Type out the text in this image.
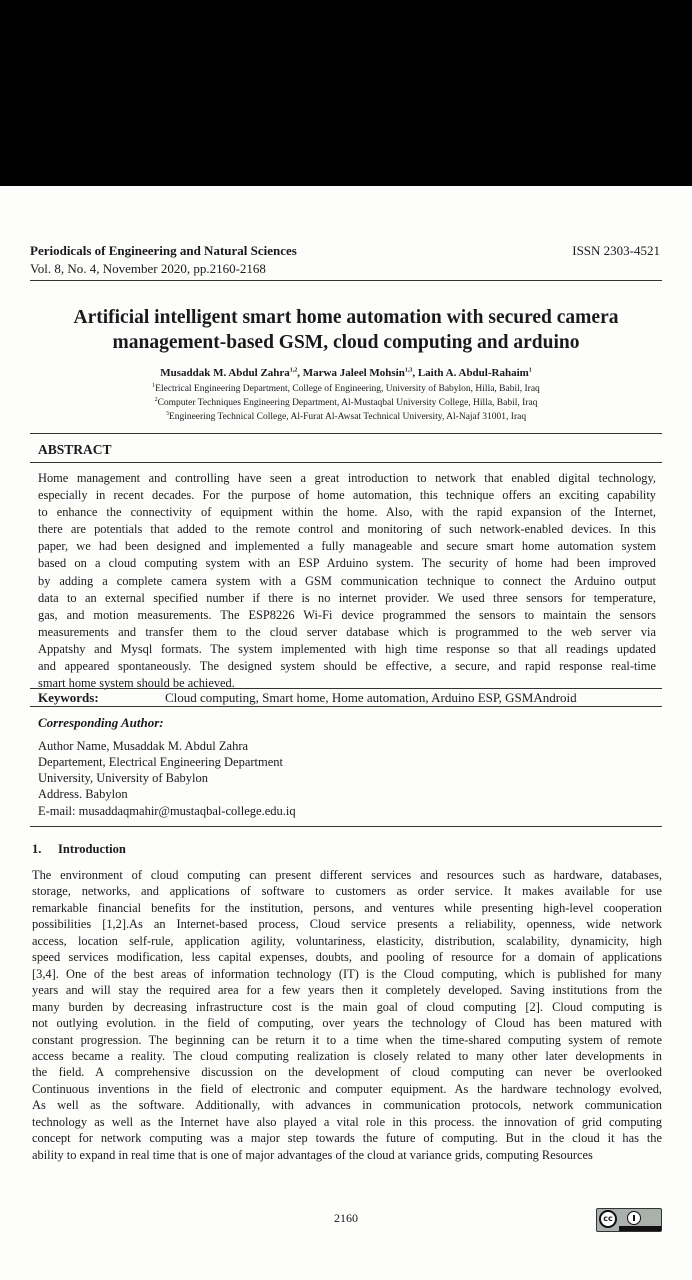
Periodicals of Engineering and Natural Sciences	ISSN 2303-4521
Vol. 8, No. 4, November 2020, pp.2160-2168
Artificial intelligent smart home automation with secured camera
management-based GSM, cloud computing and arduino
Musaddak M. Abdul Zahra$^{1,2}$, Marwa Jaleel Mohsin$^{1,3}$, Laith A. Abdul-Rahaim$^1$
$^1$Electrical Engineering Department, College of Engineering, University of Babylon, Hilla, Babil, Iraq
$^2$Computer Techniques Engineering Department, Al-Mustaqbal University College, Hilla, Babil, Iraq
$^3$Engineering Technical College, Al-Furat Al-Awsat Technical University, Al-Najaf 31001, Iraq
ABSTRACT
Home management and controlling have seen a great introduction to network that enabled digital technology,
especially in recent decades. For the purpose of home automation, this technique offers an exciting capability
to enhance the connectivity of equipment within the home. Also, with the rapid expansion of the Internet,
there are potentials that added to the remote control and monitoring of such network-enabled devices. In this
paper, we had been designed and implemented a fully manageable and secure smart home automation system
based on a cloud computing system with an ESP Arduino system. The security of home had been improved
by adding a complete camera system with a GSM communication technique to connect the Arduino output
data to an external specified number if there is no internet provider. We used three sensors for temperature,
gas, and motion measurements. The ESP8226 Wi-Fi device programmed the sensors to maintain the sensors
measurements and transfer them to the cloud server database which is programmed to the web server via
Appatshy and Mysql formats. The system implemented with high time response so that all readings updated
and appeared spontaneously. The designed system should be effective, a secure, and rapid response real-time
smart home system should be achieved.
Keywords:	Cloud computing, Smart home, Home automation, Arduino ESP, GSMAndroid
Corresponding Author:
Author Name, Musaddak M. Abdul Zahra
Departement, Electrical Engineering Department
University, University of Babylon
Address. Babylon
E-mail: musaddaqmahir@mustaqbal-college.edu.iq
1. Introduction
The environment of cloud computing can present different services and resources such as hardware, databases,
storage, networks, and applications of software to customers as order service. It makes available for use
remarkable financial benefits for the institution, persons, and ventures while presenting high-level cooperation
possibilities [1,2].As an Internet-based process, Cloud service presents a reliability, openness, wide network
access, location self-rule, application agility, voluntariness, elasticity, distribution, scalability, dynamicity, high
speed services modification, less capital expenses, doubts, and pooling of resource for a domain of applications
[3,4]. One of the best areas of information technology (IT) is the Cloud computing, which is published for many
years and will stay the required area for a few years then it completely developed. Saving institutions from the
many burden by decreasing infrastructure cost is the main goal of cloud computing [2]. Cloud computing is
not outlying evolution. in the field of computing, over years the technology of Cloud has been matured with
constant progression. The beginning can be return it to a time when the time-shared computing system of remote
access became a reality. The cloud computing realization is closely related to many other later developments in
the field. A comprehensive discussion on the development of cloud computing can never be overlooked
Continuous inventions in the field of electronic and computer equipment. As the hardware technology evolved,
As well as the software. Additionally, with advances in communication protocols, network communication
technology as well as the Internet have also played a vital role in this process. the innovation of grid computing
concept for network computing was a major step towards the future of computing. But in the cloud it has the
ability to expand in real time that is one of major advantages of the cloud at variance grids, computing Resources
2160	cc
